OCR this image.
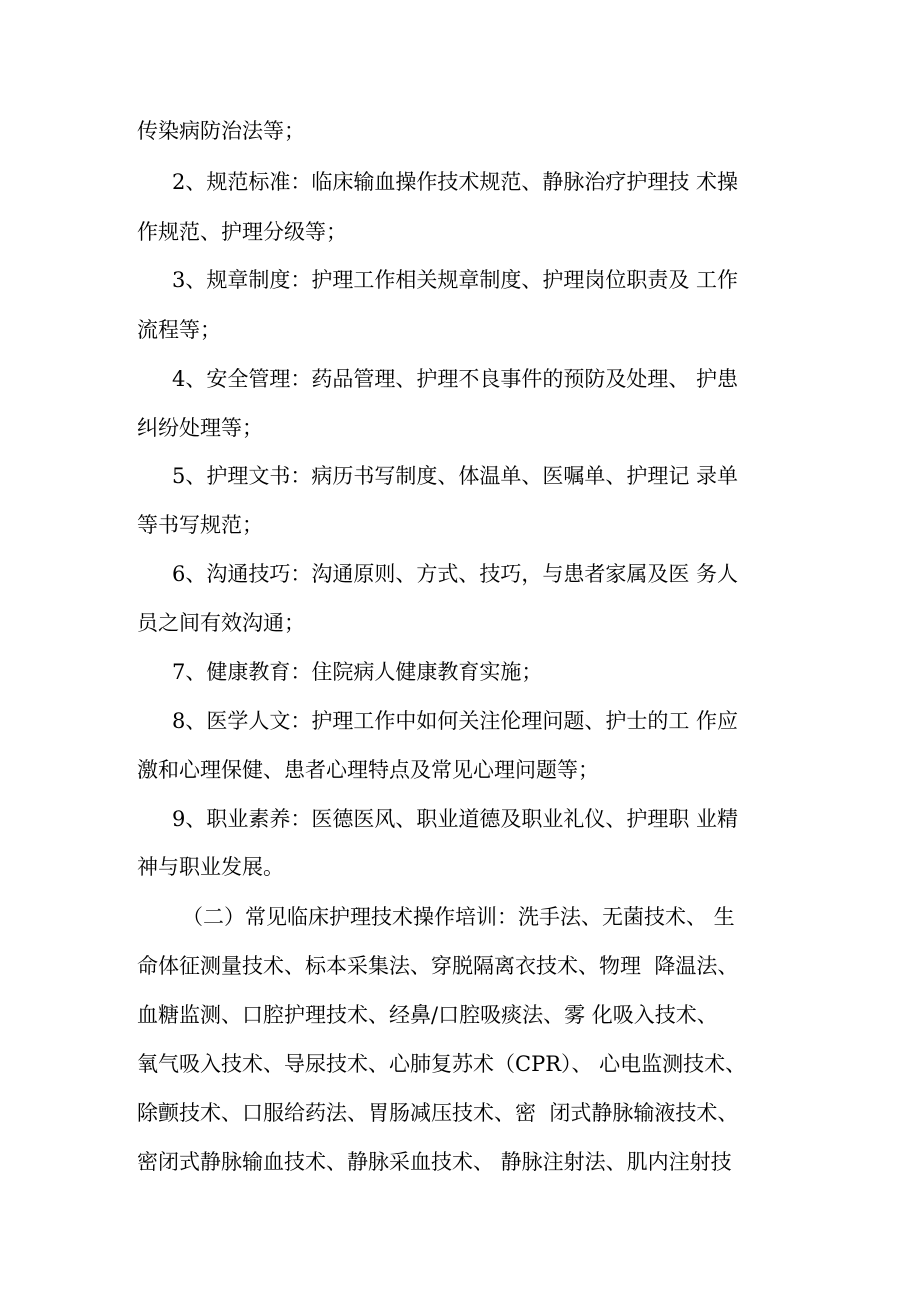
传染病防治法等；
2、规范标准：临床输血操作技术规范、静脉治疗护理技 术操
作规范、护理分级等；
3、规章制度：护理工作相关规章制度、护理岗位职责及 工作
流程等；
4、安全管理：药品管理、护理不良事件的预防及处理、 护患
纠纷处理等；
5、护理文书：病历书写制度、体温单、医嘱单、护理记 录单
等书写规范；
6、沟通技巧：沟通原则、方式、技巧，与患者家属及医 务人
员之间有效沟通；
7、健康教育：住院病人健康教育实施；
8、医学人文：护理工作中如何关注伦理问题、护士的工 作应
激和心理保健、患者心理特点及常见心理问题等；
9、职业素养：医德医风、职业道德及职业礼仪、护理职 业精
神与职业发展。
（二）常见临床护理技术操作培训：洗手法、无菌技术、 生
命体征测量技术、标本采集法、穿脱隔离衣技术、物理  降温法、
血糖监测、口腔护理技术、经鼻/口腔吸痰法、雾 化吸入技术、
氧气吸入技术、导尿技术、心肺复苏术（CPR）、 心电监测技术、
除颤技术、口服给药法、胃肠减压技术、密  闭式静脉输液技术、
密闭式静脉输血技术、静脉采血技术、 静脉注射法、肌内注射技
